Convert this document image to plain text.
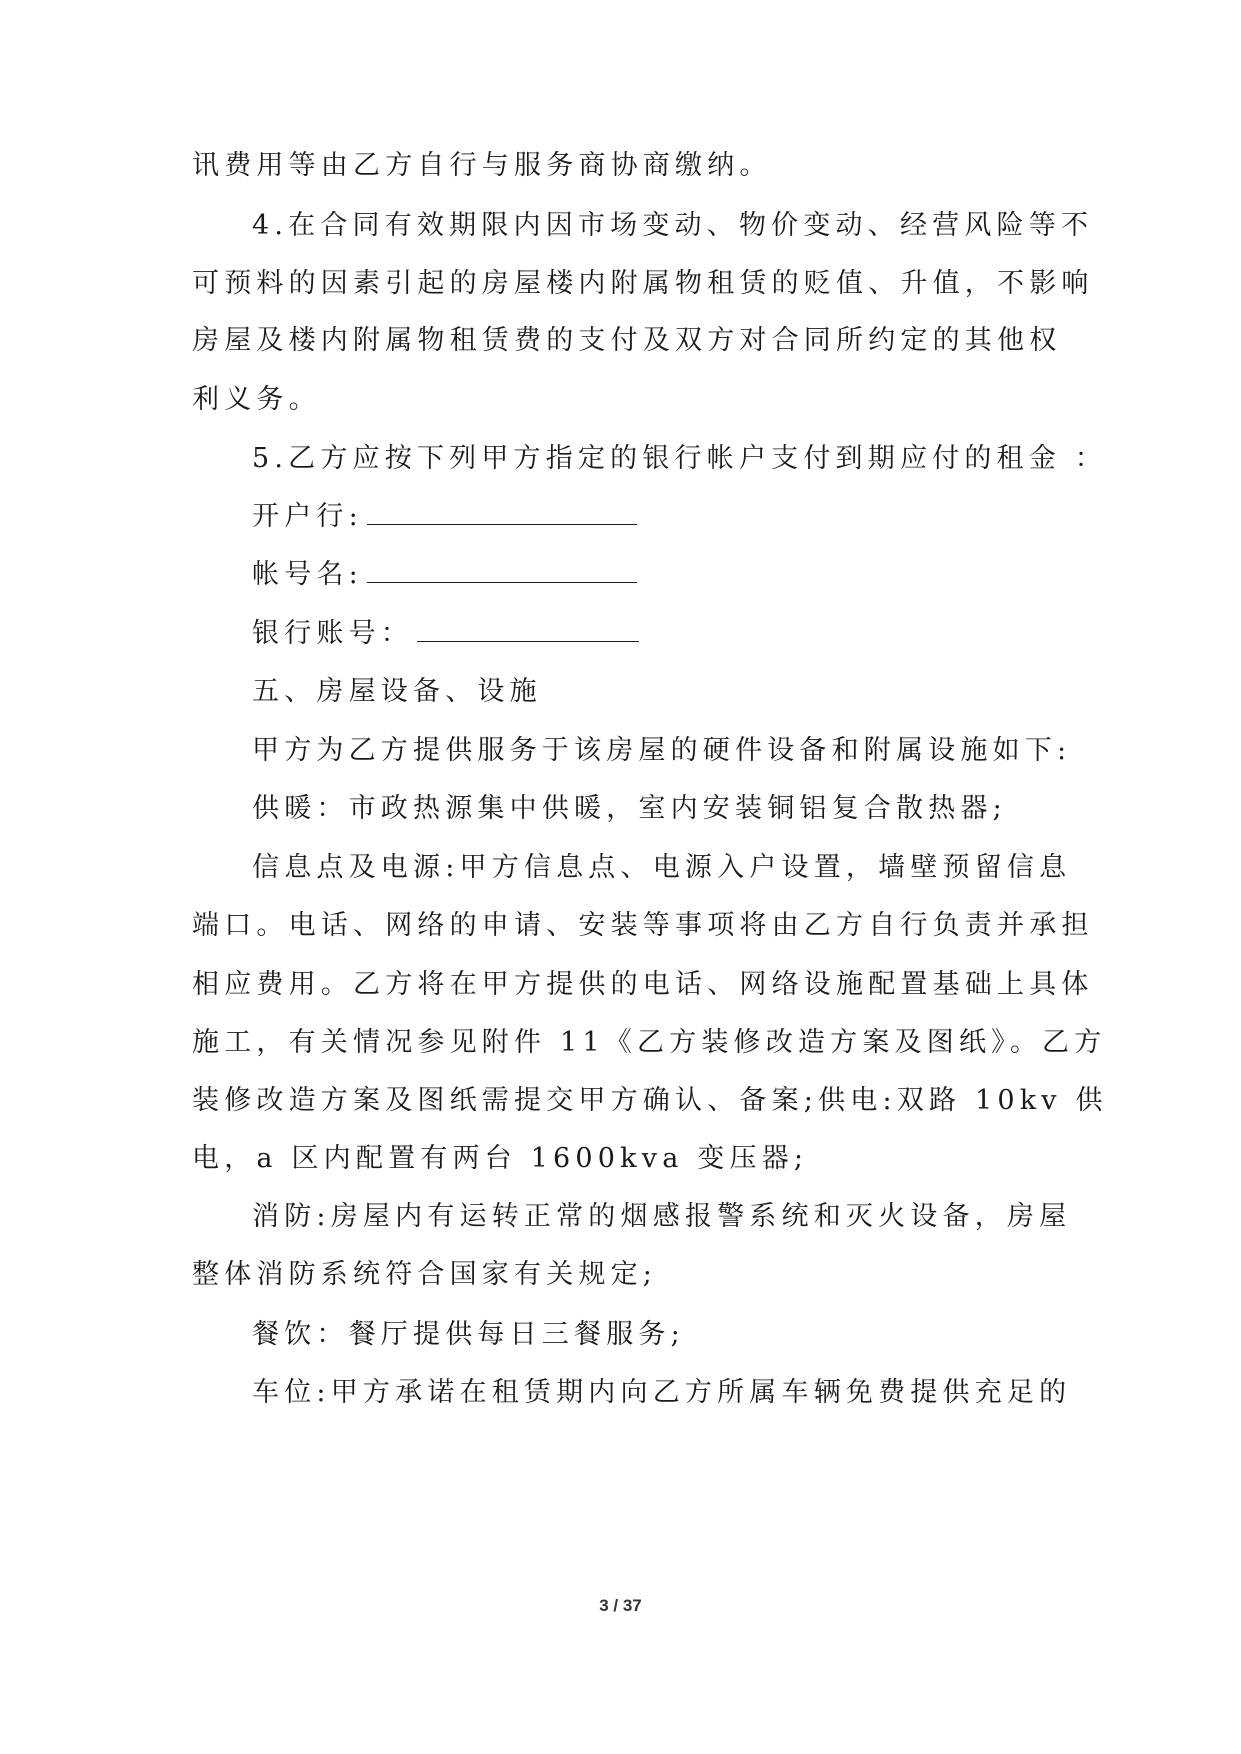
讯费用等由乙方自行与服务商协商缴纳。
4.在合同有效期限内因市场变动、物价变动、经营风险等不
可预料的因素引起的房屋楼内附属物租赁的贬值、升值，不影响
房屋及楼内附属物租赁费的支付及双方对合同所约定的其他权
利义务。
5.乙方应按下列甲方指定的银行帐户支付到期应付的租金 ：
开户行:
帐号名:
银行账号：
五、房屋设备、设施
甲方为乙方提供服务于该房屋的硬件设备和附属设施如下:
供暖：市政热源集中供暖，室内安装铜铝复合散热器;
信息点及电源:甲方信息点、电源入户设置，墙壁预留信息
端口。电话、网络的申请、安装等事项将由乙方自行负责并承担
相应费用。乙方将在甲方提供的电话、网络设施配置基础上具体
施工，有关情况参见附件 11《乙方装修改造方案及图纸》。乙方
装修改造方案及图纸需提交甲方确认、备案;供电:双路 10kv 供
电，a 区内配置有两台 1600kva 变压器;
消防:房屋内有运转正常的烟感报警系统和灭火设备，房屋
整体消防系统符合国家有关规定;
餐饮：餐厅提供每日三餐服务;
车位:甲方承诺在租赁期内向乙方所属车辆免费提供充足的
3 / 37
